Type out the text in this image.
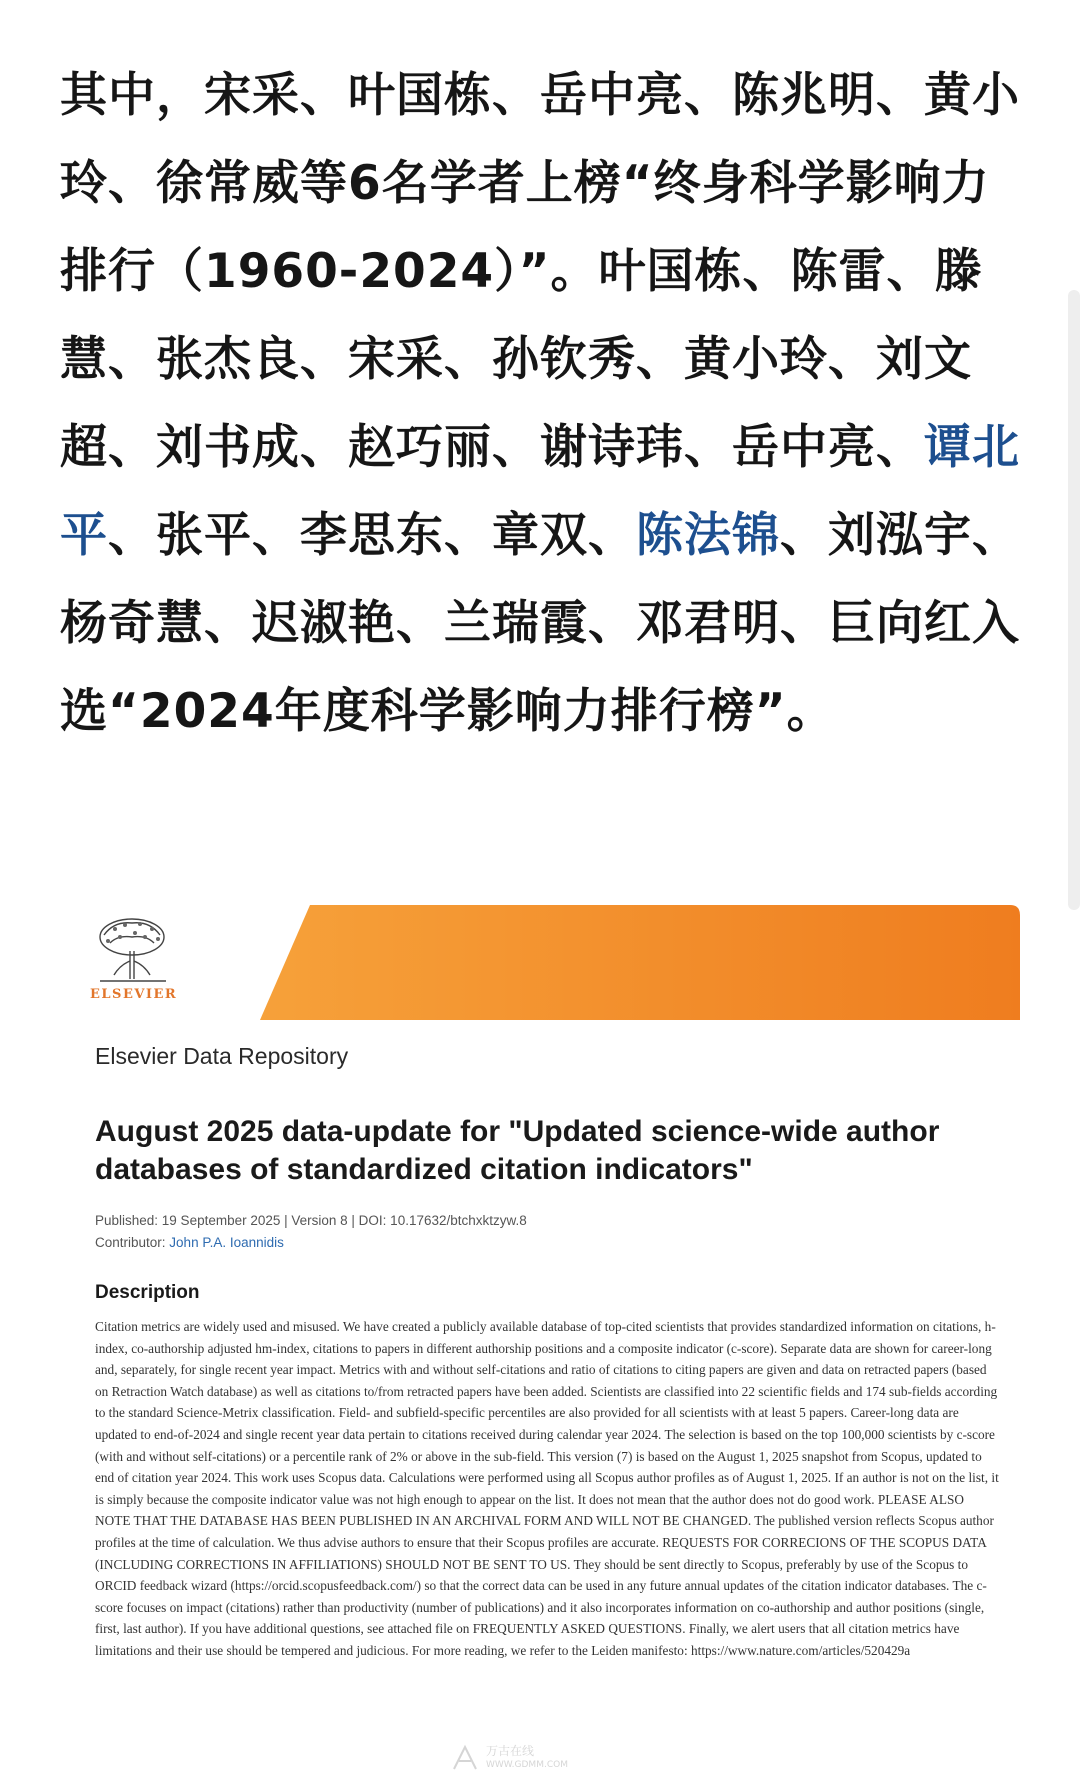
其中，宋采、叶国栋、岳中亮、陈兆明、黄小玲、徐常威等6名学者上榜“终身科学影响力排行（1960-2024）”。叶国栋、陈雷、滕慧、张杰良、宋采、孙钦秀、黄小玲、刘文超、刘书成、赵巧丽、谢诗玮、岳中亮、谭北平、张平、李思东、章双、陈法锦、刘泓宇、杨奇慧、迟淑艳、兰瑞霞、邓君明、巨向红入选“2024年度科学影响力排行榜”。
ELSEVIER
Elsevier Data Repository
August 2025 data-update for "Updated science-wide author databases of standardized citation indicators"
Published: 19 September 2025 | Version 8 | DOI: 10.17632/btchxktzyw.8
Contributor: John P.A. Ioannidis
Description
Citation metrics are widely used and misused. We have created a publicly available database of top-cited scientists that provides standardized information on citations, h-index, co-authorship adjusted hm-index, citations to papers in different authorship positions and a composite indicator (c-score). Separate data are shown for career-long and, separately, for single recent year impact. Metrics with and without self-citations and ratio of citations to citing papers are given and data on retracted papers (based on Retraction Watch database) as well as citations to/from retracted papers have been added. Scientists are classified into 22 scientific fields and 174 sub-fields according to the standard Science-Metrix classification. Field- and subfield-specific percentiles are also provided for all scientists with at least 5 papers. Career-long data are updated to end-of-2024 and single recent year data pertain to citations received during calendar year 2024. The selection is based on the top 100,000 scientists by c-score (with and without self-citations) or a percentile rank of 2% or above in the sub-field. This version (7) is based on the August 1, 2025 snapshot from Scopus, updated to end of citation year 2024. This work uses Scopus data. Calculations were performed using all Scopus author profiles as of August 1, 2025. If an author is not on the list, it is simply because the composite indicator value was not high enough to appear on the list. It does not mean that the author does not do good work. PLEASE ALSO NOTE THAT THE DATABASE HAS BEEN PUBLISHED IN AN ARCHIVAL FORM AND WILL NOT BE CHANGED. The published version reflects Scopus author profiles at the time of calculation. We thus advise authors to ensure that their Scopus profiles are accurate. REQUESTS FOR CORRECIONS OF THE SCOPUS DATA (INCLUDING CORRECTIONS IN AFFILIATIONS) SHOULD NOT BE SENT TO US. They should be sent directly to Scopus, preferably by use of the Scopus to ORCID feedback wizard (https://orcid.scopusfeedback.com/) so that the correct data can be used in any future annual updates of the citation indicator databases. The c-score focuses on impact (citations) rather than productivity (number of publications) and it also incorporates information on co-authorship and author positions (single, first, last author). If you have additional questions, see attached file on FREQUENTLY ASKED QUESTIONS. Finally, we alert users that all citation metrics have limitations and their use should be tempered and judicious. For more reading, we refer to the Leiden manifesto: https://www.nature.com/articles/520429a
万古在线
WWW.GDMM.COM
